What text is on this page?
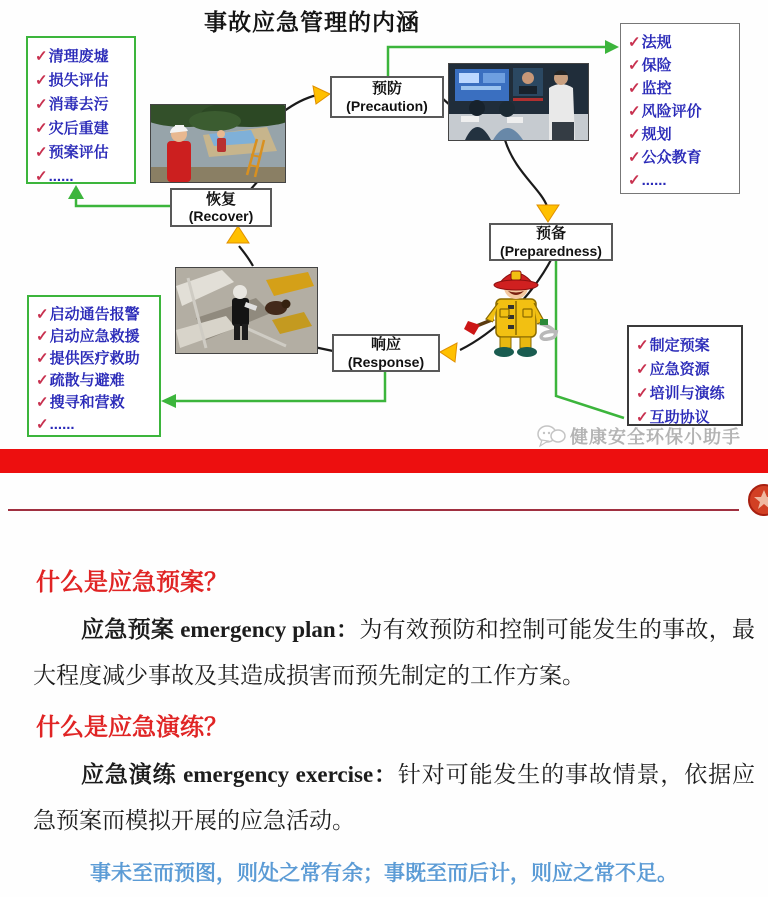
事故应急管理的内涵
预防
(Precaution)
预备
(Preparedness)
响应
(Response)
恢复
(Recover)
✓ 清理废墟
✓ 损失评估
✓ 消毒去污
✓ 灾后重建
✓ 预案评估
✓ ......
✓ 法规
✓ 保险
✓ 监控
✓ 风险评价
✓ 规划
✓ 公众教育
✓ ......
✓ 启动通告报警
✓ 启动应急救援
✓ 提供医疗救助
✓ 疏散与避难
✓ 搜寻和营救
✓ ......
✓ 制定预案
✓ 应急资源
✓ 培训与演练
✓ 互助协议
健康安全环保小助手
什么是应急预案？

应急预案 emergency plan：为有效预防和控制可能发生的事故，最大程度减少事故及其造成损害而预先制定的工作方案。

什么是应急演练？

应急演练 emergency exercise：针对可能发生的事故情景，依据应急预案而模拟开展的应急活动。

事未至而预图，则处之常有余；事既至而后计，则应之常不足。
